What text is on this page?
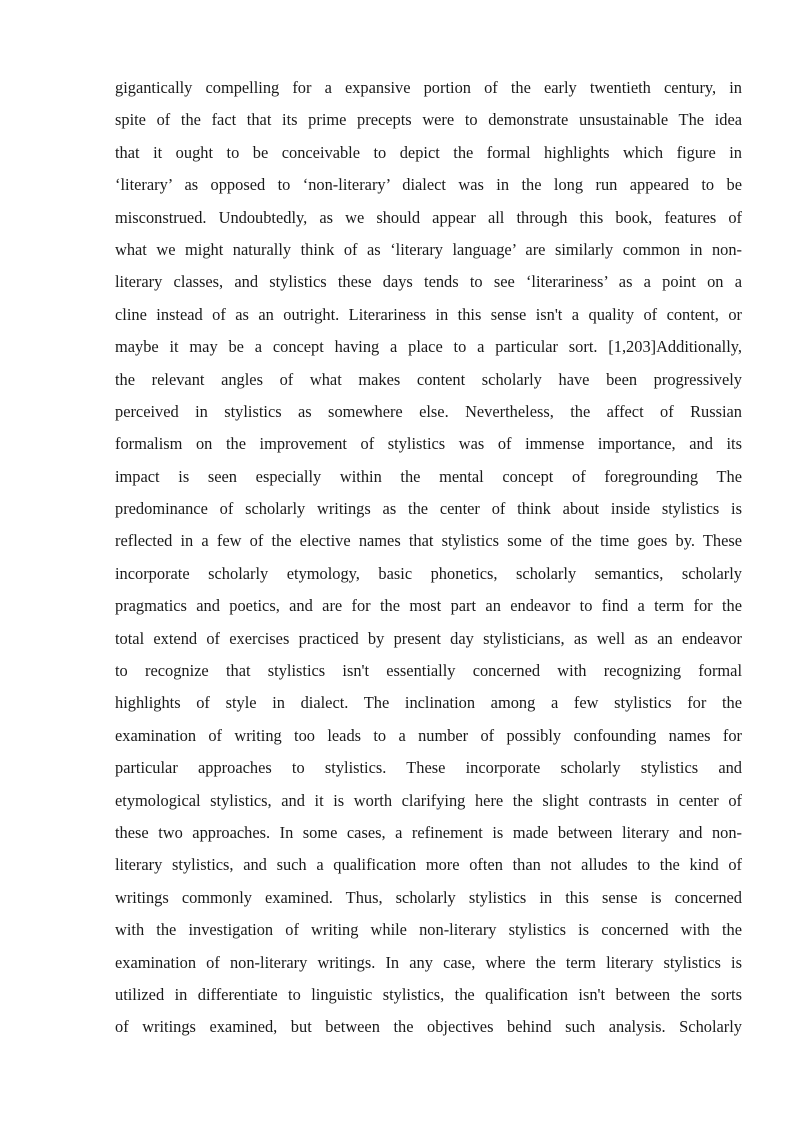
gigantically compelling for a expansive portion of the early twentieth century, in
spite of the fact that its prime precepts were to demonstrate unsustainable The idea
that it ought to be conceivable to depict the formal highlights which figure in
‘literary’ as opposed to ‘non-literary’ dialect was in the long run appeared to be
misconstrued. Undoubtedly, as we should appear all through this book, features of
what we might naturally think of as ‘literary language’ are similarly common in non-
literary classes, and stylistics these days tends to see ‘literariness’ as a point on a
cline instead of as an outright. Literariness in this sense isn't a quality of content, or
maybe it may be a concept having a place to a particular sort. [1,203]Additionally,
the relevant angles of what makes content scholarly have been progressively
perceived in stylistics as somewhere else. Nevertheless, the affect of Russian
formalism on the improvement of stylistics was of immense importance, and its
impact is seen especially within the mental concept of foregrounding The
predominance of scholarly writings as the center of think about inside stylistics is
reflected in a few of the elective names that stylistics some of the time goes by. These
incorporate scholarly etymology, basic phonetics, scholarly semantics, scholarly
pragmatics and poetics, and are for the most part an endeavor to find a term for the
total extend of exercises practiced by present day stylisticians, as well as an endeavor
to recognize that stylistics isn't essentially concerned with recognizing formal
highlights of style in dialect. The inclination among a few stylistics for the
examination of writing too leads to a number of possibly confounding names for
particular approaches to stylistics. These incorporate scholarly stylistics and
etymological stylistics, and it is worth clarifying here the slight contrasts in center of
these two approaches. In some cases, a refinement is made between literary and non-
literary stylistics, and such a qualification more often than not alludes to the kind of
writings commonly examined. Thus, scholarly stylistics in this sense is concerned
with the investigation of writing while non-literary stylistics is concerned with the
examination of non-literary writings. In any case, where the term literary stylistics is
utilized in differentiate to linguistic stylistics, the qualification isn't between the sorts
of writings examined, but between the objectives behind such analysis. Scholarly
